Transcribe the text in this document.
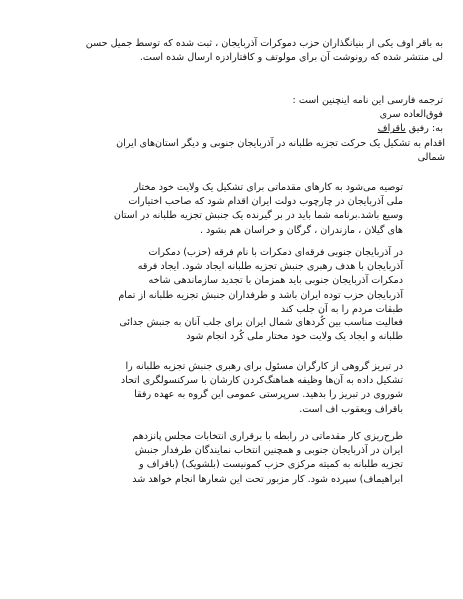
به باقر اوف یکی از بنیانگذاران حزب دموکرات آذربایجان ، ثبت شده که توسط جمیل حسن
لی منتشر شده که رونوشت آن برای مولوتف و کافتارادزه ارسال شده است.
ترجمه فارسی این نامه اینچنین است :
فوق‌العاده سری
به: رفیق باقراف
اقدام به تشکیل یک حرکت تجزیه طلبانه در آذربایجان جنوبی و دیگر استان‌های ایران
شمالی
توصیه می‌شود به کارهای مقدماتی برای تشکیل یک ولایت خود مختار
ملی آذربایجان در چارچوب دولت ایران اقدام شود که صاحب اختیارات
وسیع باشد.برنامه شما باید در بر گیرنده یک جنبش تجزیه طلبانه در استان
های گیلان ، مازندران ، گرگان و خراسان هم بشود .
در آذربایجان جنوبی فرقه‌ای دمکرات با نام فرقه (حزب) دمکرات
آذربایجان با هدف رهبری جنبش تجزیه طلبانه ایجاد شود. ایجاد فرقه
دمکرات آذربایجان جنوبی باید همزمان با تجدید سازماندهی شاخه
آذربایجان حزب توده ایران باشد و طرفداران جنبش تجزیه طلبانه از تمام
طبقات مردم را به آن جلب کند
فعالیت مناسب بین کُردهای شمال ایران برای جلب آنان به جنبش جدائی
طلبانه و ایجاد یک ولایت خود مختار ملی کُرد انجام شود
در تبریز گروهی از کارگران مسئول برای رهبری جنبش تجزیه طلبانه را
تشکیل داده به آن‌ها وظیفه هماهنگ‌کردن کارشان با سرکنسولگری اتحاد
شوروی در تبریز را بدهید. سرپرستی عمومی این گروه به عهده رفقا
باقراف ویعقوب اف است.
طرح‌ریزی کار مقدماتی در رابطه با برقراری انتخابات مجلس پانزدهم
ایران در آذربایجان جنوبی و همچنین انتخاب نمایندگان طرفدار جنبش
تجزیه طلبانه به کمیته مرکزی حزب کمونیست (بلشویک) (باقراف و
ابراهیماف) سپرده شود. کار مزبور تحت این شعارها انجام خواهد شد
